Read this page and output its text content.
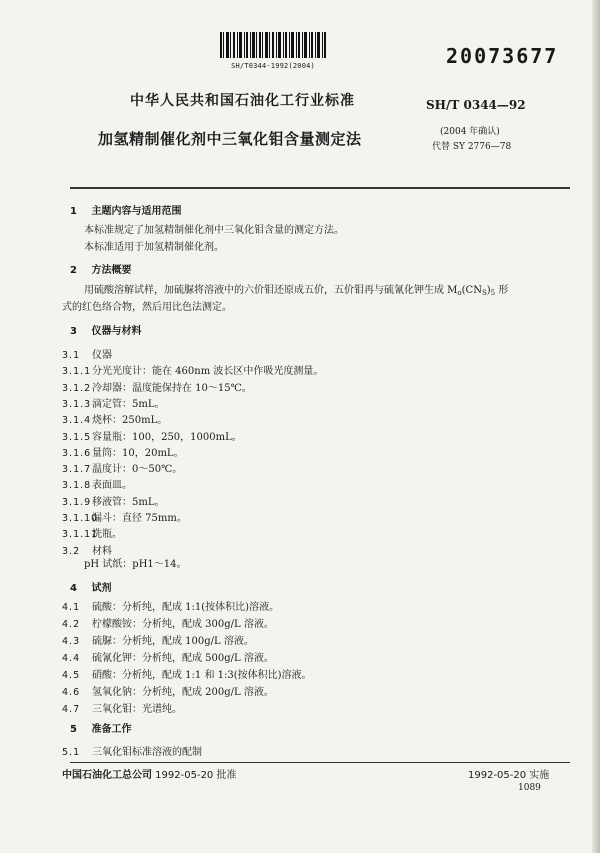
SH/T0344-1992(2004)	20073677
中华人民共和国石油化工行业标准	SH/T 0344—92
加氢精制催化剂中三氧化钼含量测定法	(2004 年确认)
代替 SY 2776—78
1 主题内容与适用范围
本标准规定了加氢精制催化剂中三氧化钼含量的测定方法。
本标准适用于加氢精制催化剂。
2 方法概要
用硫酸溶解试样，加硫脲将溶液中的六价钼还原成五价，五价钼再与硫氰化钾生成 $M_o(CN_S)_5$ 形
式的红色络合物，然后用比色法测定。
3 仪器与材料
3.1 仪器
3.1.1分光光度计：能在 460nm 波长区中作吸光度测量。
3.1.2冷却器：温度能保持在 10～15℃。
3.1.3滴定管：5mL。
3.1.4烧杯：250mL。
3.1.5容量瓶：100，250，1000mL。
3.1.6量筒：10，20mL。
3.1.7温度计：0～50℃。
3.1.8表面皿。
3.1.9移液管：5mL。
3.1.10漏斗：直径 75mm。
3.1.11洗瓶。
3.2 材料
pH 试纸：pH1～14。
4 试剂
4.1 硫酸：分析纯，配成 1:1(按体积比)溶液。
4.2 柠檬酸铵：分析纯，配成 300g/L 溶液。
4.3 硫脲：分析纯，配成 100g/L 溶液。
4.4 硫氰化钾：分析纯，配成 500g/L 溶液。
4.5 硝酸：分析纯，配成 1:1 和 1:3(按体积比)溶液。
4.6 氢氧化钠：分析纯，配成 200g/L 溶液。
4.7 三氧化钼：光谱纯。
5 准备工作
5.1 三氧化钼标准溶液的配制
中国石油化工总公司 1992-05-20 批准	1992-05-20 实施
1089
